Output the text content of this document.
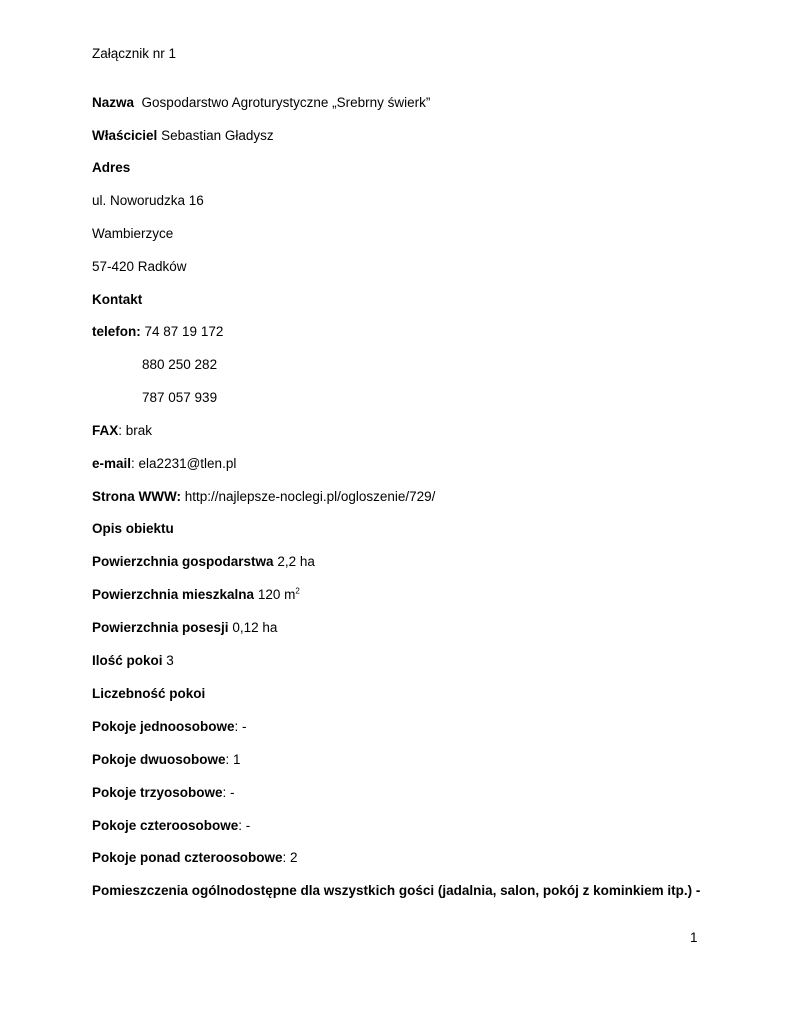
Załącznik nr 1
Nazwa Gospodarstwo Agroturystyczne „Srebrny świerk”
Właściciel Sebastian Gładysz
Adres
ul. Noworudzka 16
Wambierzyce
57-420 Radków
Kontakt
telefon: 74 87 19 172
880 250 282
787 057 939
FAX: brak
e-mail: ela2231@tlen.pl
Strona WWW: http://najlepsze-noclegi.pl/ogloszenie/729/
Opis obiektu
Powierzchnia gospodarstwa 2,2 ha
Powierzchnia mieszkalna 120 $m^2$
Powierzchnia posesji 0,12 ha
Ilość pokoi 3
Liczebność pokoi
Pokoje jednoosobowe: -
Pokoje dwuosobowe: 1
Pokoje trzyosobowe: -
Pokoje czteroosobowe: -
Pokoje ponad czteroosobowe: 2
Pomieszczenia ogólnodostępne dla wszystkich gości (jadalnia, salon, pokój z kominkiem itp.) -
1
